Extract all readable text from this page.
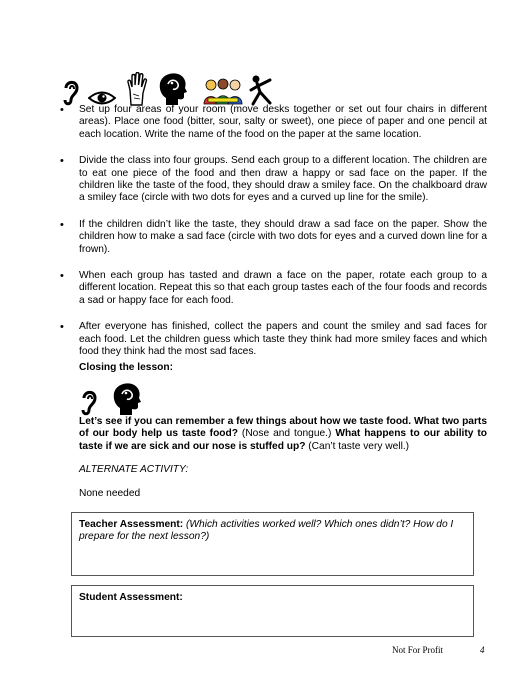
• Set up four areas of your room (move desks together or set out four chairs in different areas). Place one food (bitter, sour, salty or sweet), one piece of paper and one pencil at each location. Write the name of the food on the paper at the same location.
• Divide the class into four groups. Send each group to a different location. The children are to eat one piece of the food and then draw a happy or sad face on the paper. If the children like the taste of the food, they should draw a smiley face. On the chalkboard draw a smiley face (circle with two dots for eyes and a curved up line for the smile).
• If the children didn’t like the taste, they should draw a sad face on the paper. Show the children how to make a sad face (circle with two dots for eyes and a curved down line for a frown).
• When each group has tasted and drawn a face on the paper, rotate each group to a different location. Repeat this so that each group tastes each of the four foods and records a sad or happy face for each food.
• After everyone has finished, collect the papers and count the smiley and sad faces for each food. Let the children guess which taste they think had more smiley faces and which food they think had the most sad faces.
Closing the lesson:
Let’s see if you can remember a few things about how we taste food. What two parts of our body help us taste food? (Nose and tongue.) What happens to our ability to taste if we are sick and our nose is stuffed up? (Can’t taste very well.)
ALTERNATE ACTIVITY:
None needed
Teacher Assessment: (Which activities worked well? Which ones didn’t? How do I prepare for the next lesson?)
Student Assessment:
Not For Profit	4
